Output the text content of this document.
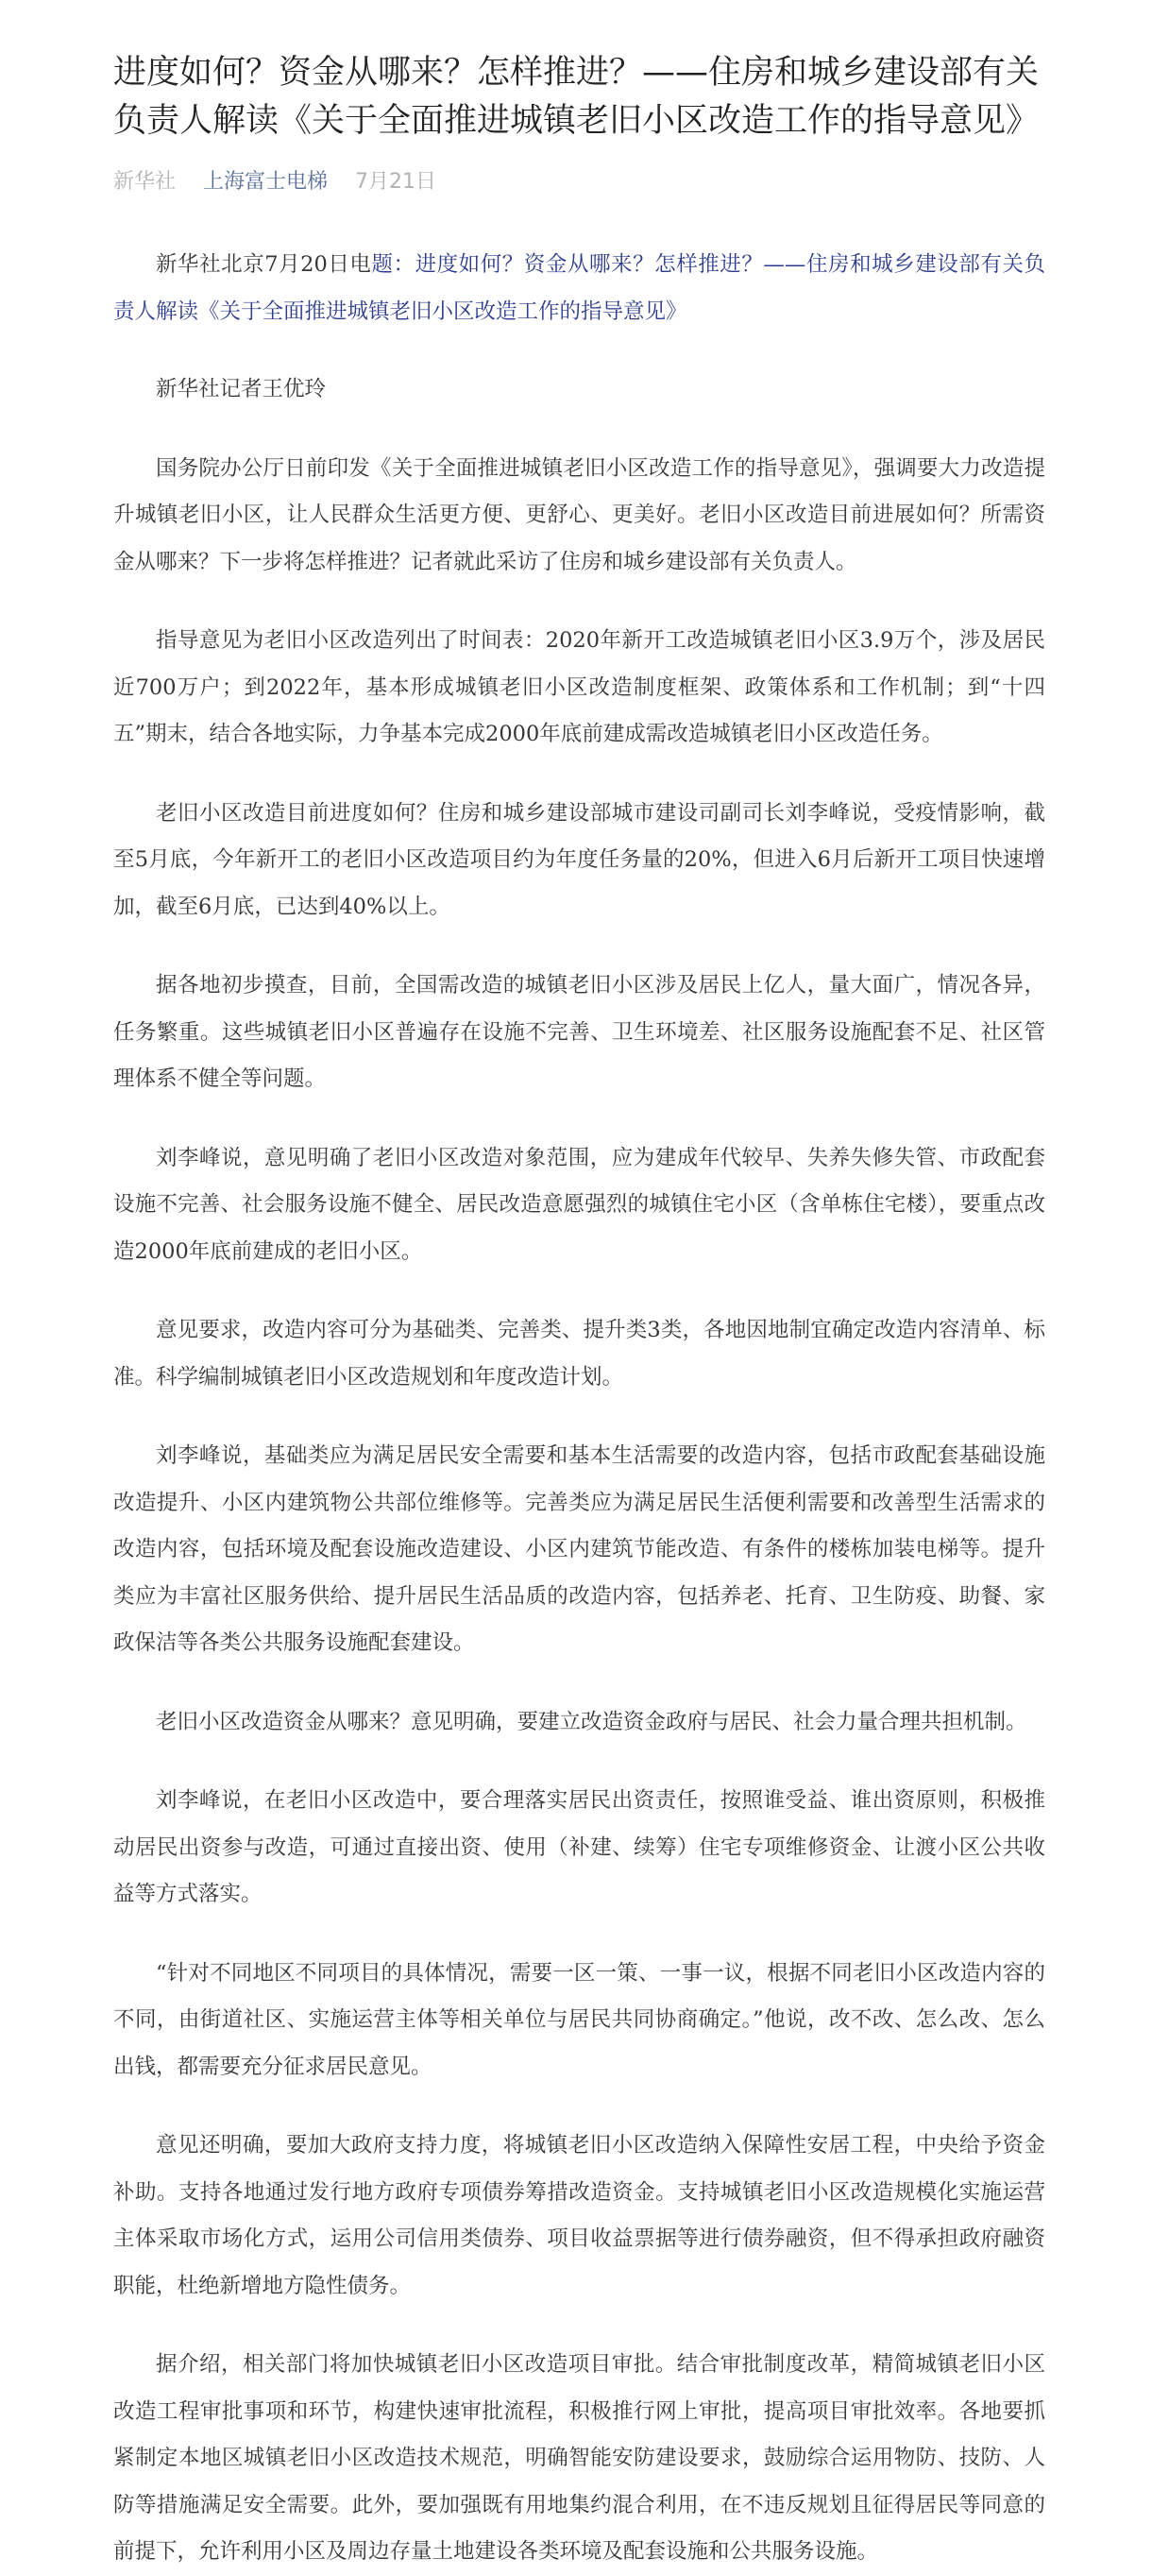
进度如何？资金从哪来？怎样推进？——住房和城乡建设部有关负责人解读《关于全面推进城镇老旧小区改造工作的指导意见》
新华社 上海富士电梯 7月21日

新华社北京7月20日电题：进度如何？资金从哪来？怎样推进？——住房和城乡建设部有关负责人解读《关于全面推进城镇老旧小区改造工作的指导意见》

新华社记者王优玲

国务院办公厅日前印发《关于全面推进城镇老旧小区改造工作的指导意见》，强调要大力改造提升城镇老旧小区，让人民群众生活更方便、更舒心、更美好。老旧小区改造目前进展如何？所需资金从哪来？下一步将怎样推进？记者就此采访了住房和城乡建设部有关负责人。

指导意见为老旧小区改造列出了时间表：2020年新开工改造城镇老旧小区3.9万个，涉及居民近700万户；到2022年，基本形成城镇老旧小区改造制度框架、政策体系和工作机制；到“十四五”期末，结合各地实际，力争基本完成2000年底前建成需改造城镇老旧小区改造任务。

老旧小区改造目前进度如何？住房和城乡建设部城市建设司副司长刘李峰说，受疫情影响，截至5月底，今年新开工的老旧小区改造项目约为年度任务量的20%，但进入6月后新开工项目快速增加，截至6月底，已达到40%以上。

据各地初步摸查，目前，全国需改造的城镇老旧小区涉及居民上亿人，量大面广，情况各异，任务繁重。这些城镇老旧小区普遍存在设施不完善、卫生环境差、社区服务设施配套不足、社区管理体系不健全等问题。

刘李峰说，意见明确了老旧小区改造对象范围，应为建成年代较早、失养失修失管、市政配套设施不完善、社会服务设施不健全、居民改造意愿强烈的城镇住宅小区（含单栋住宅楼），要重点改造2000年底前建成的老旧小区。

意见要求，改造内容可分为基础类、完善类、提升类3类，各地因地制宜确定改造内容清单、标准。科学编制城镇老旧小区改造规划和年度改造计划。

刘李峰说，基础类应为满足居民安全需要和基本生活需要的改造内容，包括市政配套基础设施改造提升、小区内建筑物公共部位维修等。完善类应为满足居民生活便利需要和改善型生活需求的改造内容，包括环境及配套设施改造建设、小区内建筑节能改造、有条件的楼栋加装电梯等。提升类应为丰富社区服务供给、提升居民生活品质的改造内容，包括养老、托育、卫生防疫、助餐、家政保洁等各类公共服务设施配套建设。

老旧小区改造资金从哪来？意见明确，要建立改造资金政府与居民、社会力量合理共担机制。

刘李峰说，在老旧小区改造中，要合理落实居民出资责任，按照谁受益、谁出资原则，积极推动居民出资参与改造，可通过直接出资、使用（补建、续筹）住宅专项维修资金、让渡小区公共收益等方式落实。

“针对不同地区不同项目的具体情况，需要一区一策、一事一议，根据不同老旧小区改造内容的不同，由街道社区、实施运营主体等相关单位与居民共同协商确定。”他说，改不改、怎么改、怎么出钱，都需要充分征求居民意见。

意见还明确，要加大政府支持力度，将城镇老旧小区改造纳入保障性安居工程，中央给予资金补助。支持各地通过发行地方政府专项债券筹措改造资金。支持城镇老旧小区改造规模化实施运营主体采取市场化方式，运用公司信用类债券、项目收益票据等进行债券融资，但不得承担政府融资职能，杜绝新增地方隐性债务。

据介绍，相关部门将加快城镇老旧小区改造项目审批。结合审批制度改革，精简城镇老旧小区改造工程审批事项和环节，构建快速审批流程，积极推行网上审批，提高项目审批效率。各地要抓紧制定本地区城镇老旧小区改造技术规范，明确智能安防建设要求，鼓励综合运用物防、技防、人防等措施满足安全需要。此外，要加强既有用地集约混合利用，在不违反规划且征得居民等同意的前提下，允许利用小区及周边存量土地建设各类环境及配套设施和公共服务设施。
